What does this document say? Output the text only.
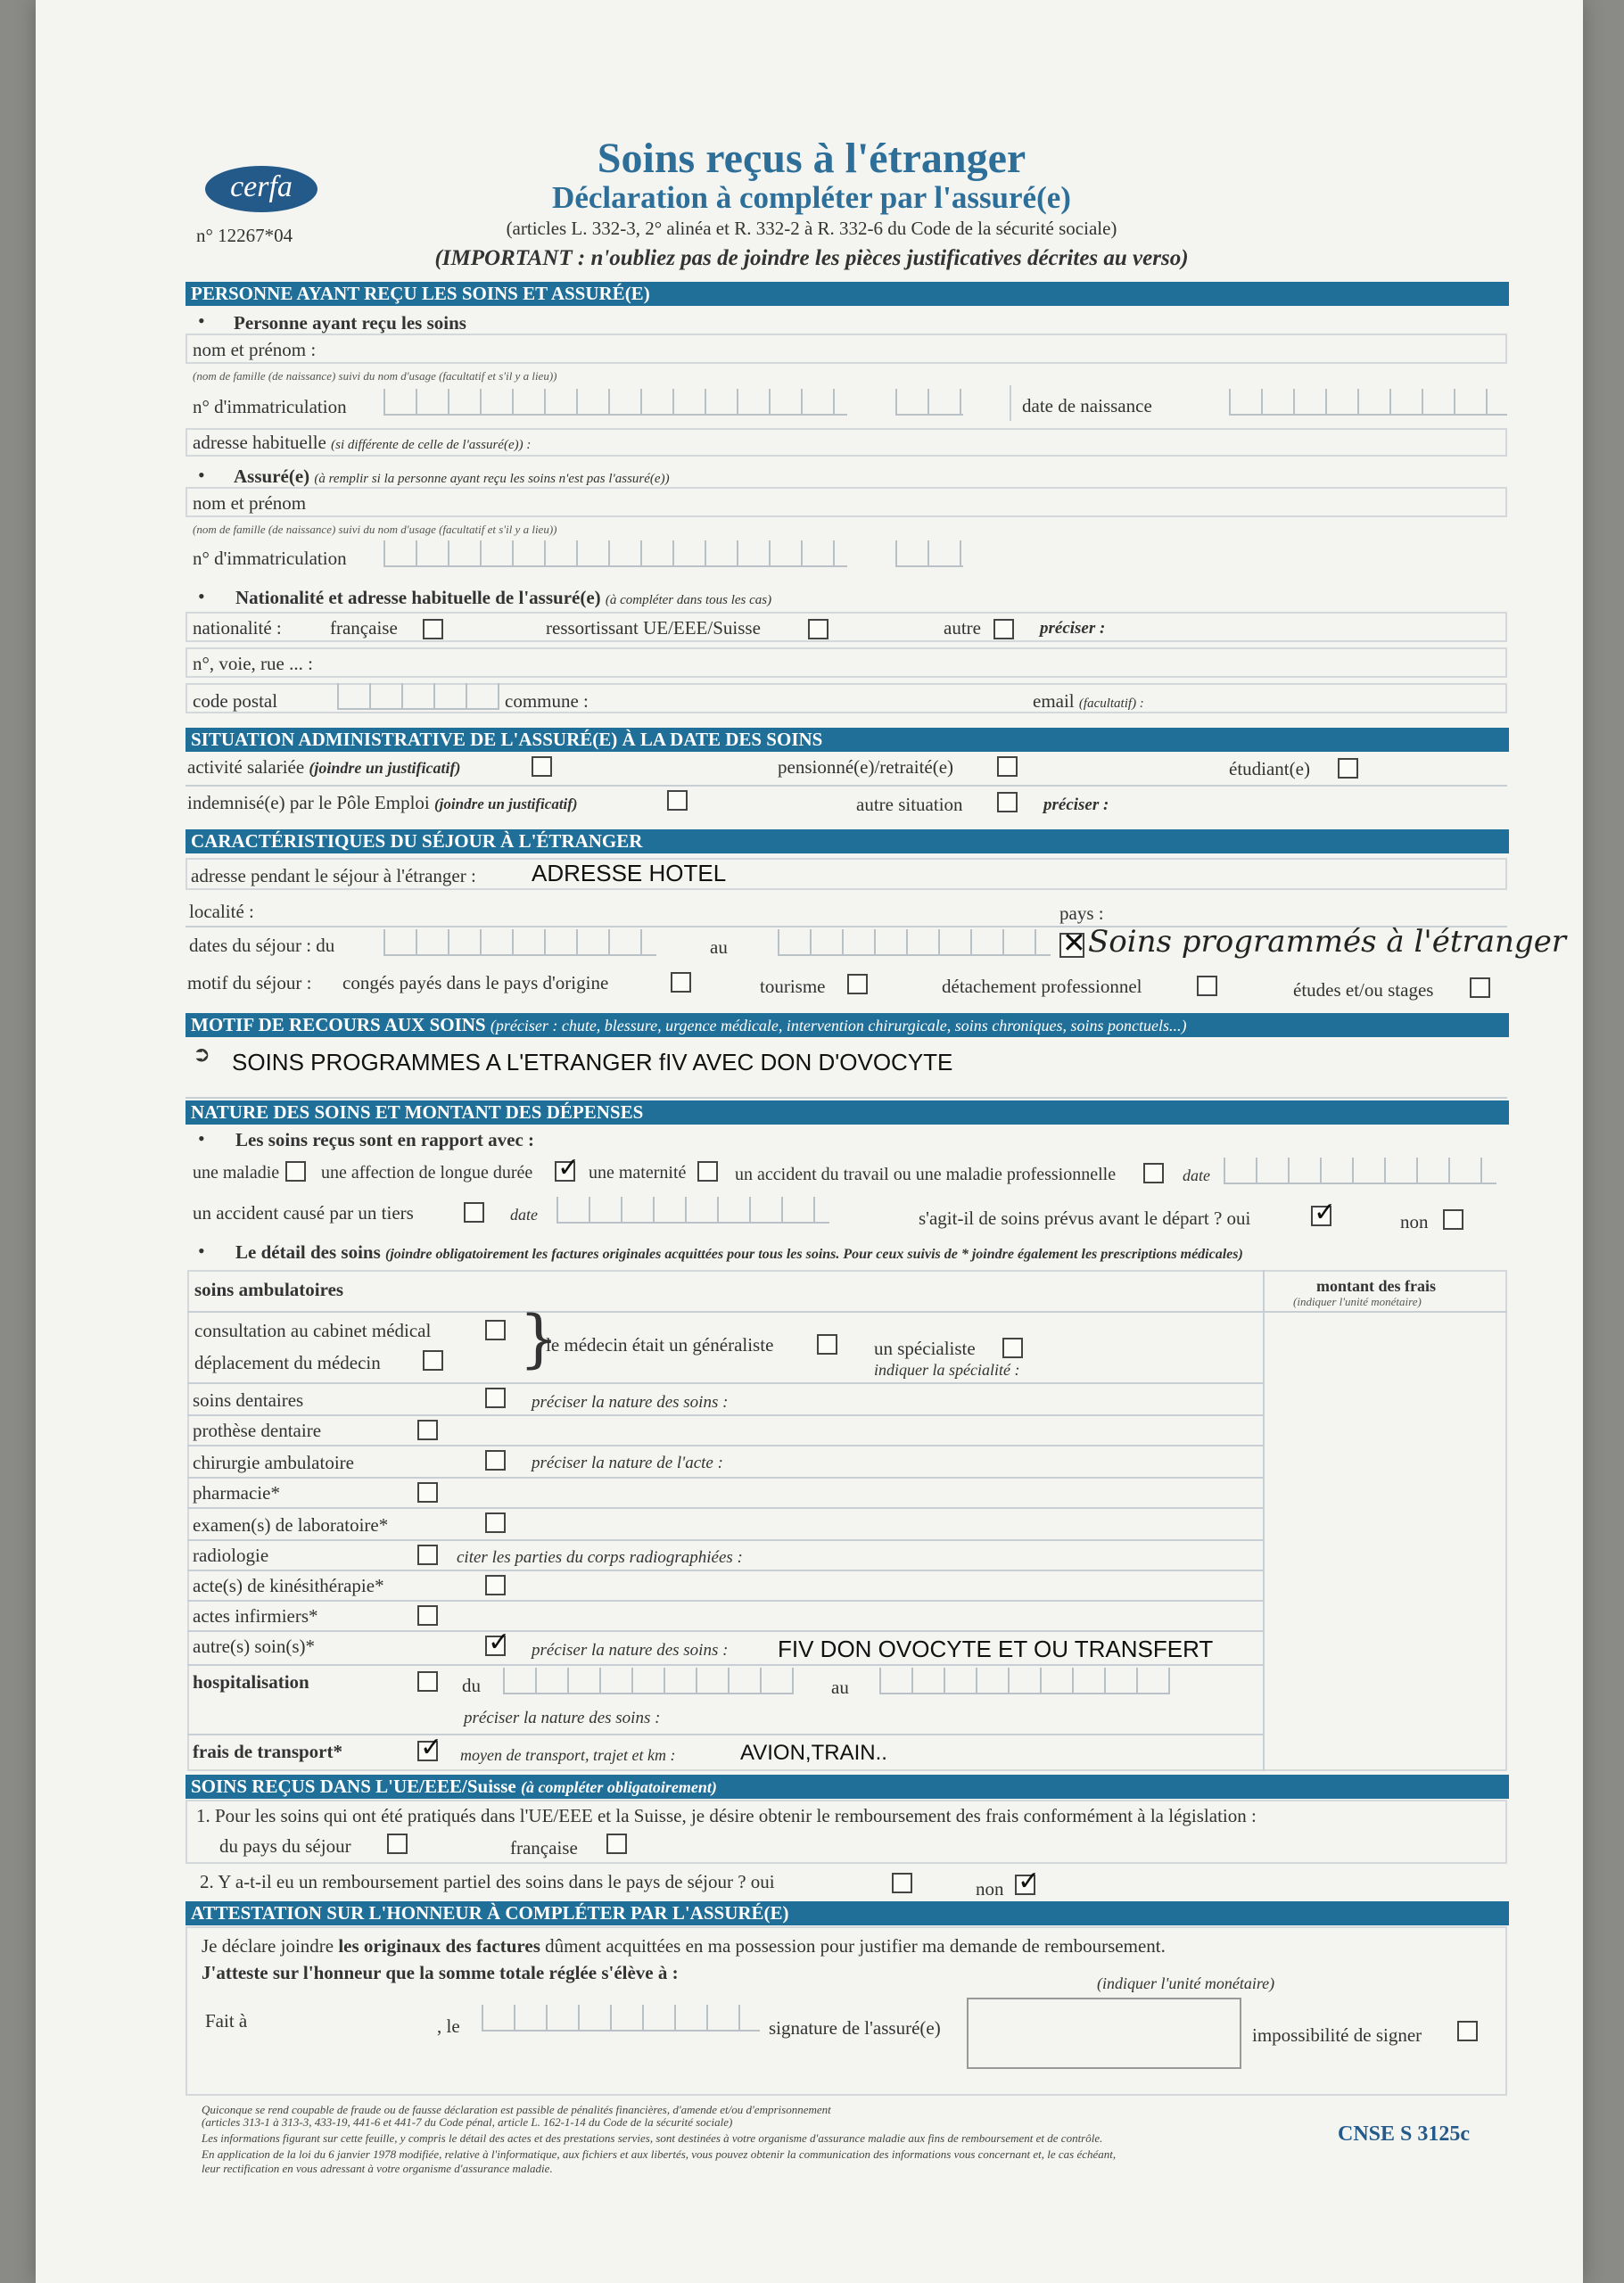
cerfa
n° 12267*04
Soins reçus à l'étranger
Déclaration à compléter par l'assuré(e)
(articles L. 332-3, 2° alinéa et R. 332-2 à R. 332-6 du Code de la sécurité sociale)
(IMPORTANT : n'oubliez pas de joindre les pièces justificatives décrites au verso)
PERSONNE AYANT REÇU LES SOINS ET ASSURÉ(E)
• Personne ayant reçu les soins
nom et prénom :
(nom de famille (de naissance) suivi du nom d'usage (facultatif et s'il y a lieu))
n° d'immatriculation	date de naissance
adresse habituelle (si différente de celle de l'assuré(e)) :
• Assuré(e) (à remplir si la personne ayant reçu les soins n'est pas l'assuré(e))
nom et prénom
(nom de famille (de naissance) suivi du nom d'usage (facultatif et s'il y a lieu))
n° d'immatriculation
• Nationalité et adresse habituelle de l'assuré(e) (à compléter dans tous les cas)
nationalité :	française	ressortissant UE/EEE/Suisse	autre	préciser :
n°, voie, rue ... :
code postal	commune :	email (facultatif) :
SITUATION ADMINISTRATIVE DE L'ASSURÉ(E) À LA DATE DES SOINS
activité salariée (joindre un justificatif)	pensionné(e)/retraité(e)	étudiant(e)
indemnisé(e) par le Pôle Emploi (joindre un justificatif)	autre situation	préciser :
CARACTÉRISTIQUES DU SÉJOUR À L'ÉTRANGER
adresse pendant le séjour à l'étranger : ADRESSE HOTEL
localité :	pays :
dates du séjour : du	au	✕ Soins programmés à l'étranger
motif du séjour : congés payés dans le pays d'origine	tourisme	détachement professionnel	études et/ou stages
MOTIF DE RECOURS AUX SOINS (préciser : chute, blessure, urgence médicale, intervention chirurgicale, soins chroniques, soins ponctuels...)
➲ SOINS PROGRAMMES A L'ETRANGER fIV AVEC DON D'OVOCYTE
NATURE DES SOINS ET MONTANT DES DÉPENSES
• Les soins reçus sont en rapport avec :
une maladie une affection de longue durée ✓ une maternité	un accident du travail ou une maladie professionnelle	date
un accident causé par un tiers	date	s'agit-il de soins prévus avant le départ ? oui ✓	non
• Le détail des soins (joindre obligatoirement les factures originales acquittées pour tous les soins. Pour ceux suivis de * joindre également les prescriptions médicales)
soins ambulatoires	montant des frais
(indiquer l'unité monétaire)
consultation au cabinet médical
déplacement du médecin }
le médecin était un généraliste	un spécialiste
indiquer la spécialité :
soins dentaires	préciser la nature des soins :
prothèse dentaire
chirurgie ambulatoire	préciser la nature de l'acte :
pharmacie*
examen(s) de laboratoire*
radiologie	citer les parties du corps radiographiées :
acte(s) de kinésithérapie*
actes infirmiers*
autre(s) soin(s)*	✓ préciser la nature des soins : FIV DON OVOCYTE ET OU TRANSFERT
hospitalisation	du	au
préciser la nature des soins :
frais de transport*	✓ moyen de transport, trajet et km :	AVION,TRAIN..
SOINS REÇUS DANS L'UE/EEE/Suisse (à compléter obligatoirement)
1. Pour les soins qui ont été pratiqués dans l'UE/EEE et la Suisse, je désire obtenir le remboursement des frais conformément à la législation :
du pays du séjour	française
2. Y a-t-il eu un remboursement partiel des soins dans le pays de séjour ? oui	non ✓
ATTESTATION SUR L'HONNEUR À COMPLÉTER PAR L'ASSURÉ(E)
Je déclare joindre les originaux des factures dûment acquittées en ma possession pour justifier ma demande de remboursement.
J'atteste sur l'honneur que la somme totale réglée s'élève à :	(indiquer l'unité monétaire)
Fait à	, le	signature de l'assuré(e)	impossibilité de signer
Quiconque se rend coupable de fraude ou de fausse déclaration est passible de pénalités financières, d'amende et/ou d'emprisonnement
(articles 313-1 à 313-3, 433-19, 441-6 et 441-7 du Code pénal, article L. 162-1-14 du Code de la sécurité sociale)
Les informations figurant sur cette feuille, y compris le détail des actes et des prestations servies, sont destinées à votre organisme d'assurance maladie aux fins de remboursement et de contrôle.
En application de la loi du 6 janvier 1978 modifiée, relative à l'informatique, aux fichiers et aux libertés, vous pouvez obtenir la communication des informations vous concernant et, le cas échéant,
leur rectification en vous adressant à votre organisme d'assurance maladie.
CNSE S 3125c
